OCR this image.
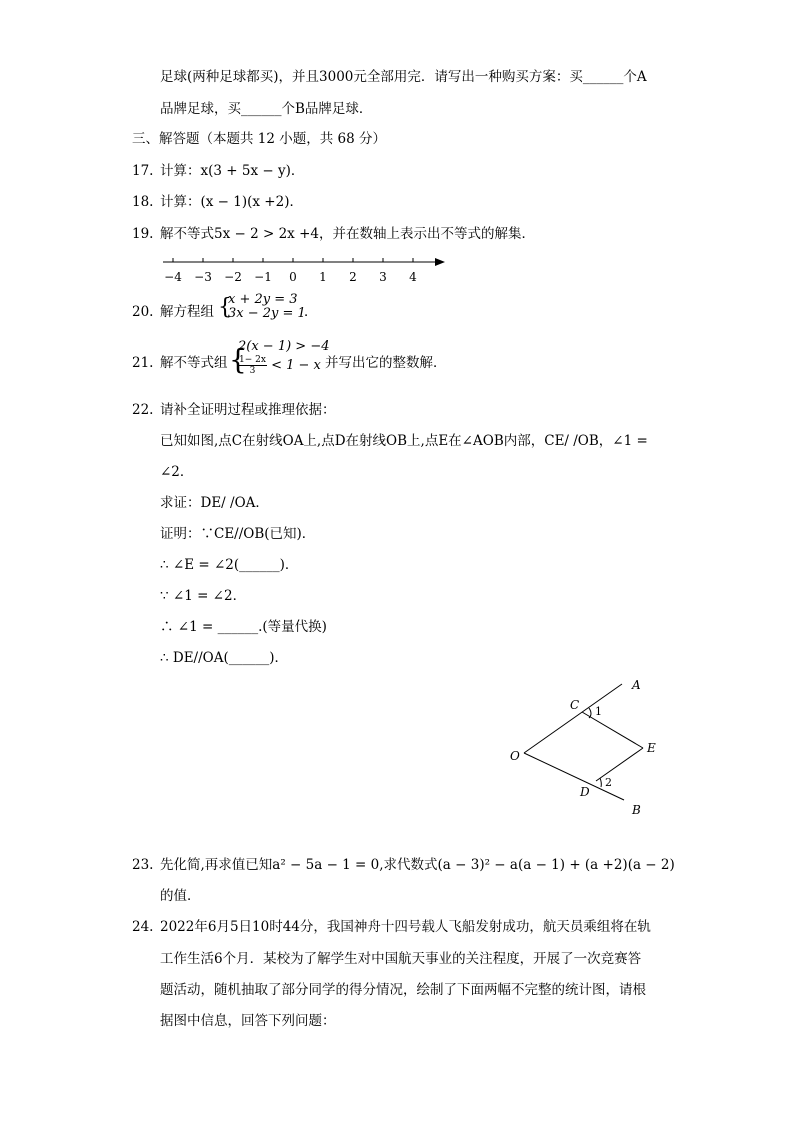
足球(两种足球都买)，并且3000元全部用完．请写出一种购买方案：买______个A
品牌足球，买______个B品牌足球．
三、解答题（本题共 12 小题，共 68 分）
17. 计算：x(3 + 5x − y)．
18. 计算：(x − 1)(x +2)．
19. 解不等式5x − 2 > 2x +4，并在数轴上表示出不等式的解集．
−4 −3 −2 −1 0 1 2 3 4
20. 解方程组 {
x + 2y = 3
3x − 2y = 1
．
21. 解不等式组 {
2(x − 1) > −4
$\frac{1- 2x}{3} < 1 - x$ 并写出它的整数解．
22. 请补全证明过程或推理依据：
已知如图,点C在射线OA上,点D在射线OB上,点E在∠AOB内部，CE/ /OB，∠1 =
∠2．
求证：DE/ /OA．
证明：∵CE//OB(已知)．
∴ ∠E = ∠2(______)．
∵ ∠1 = ∠2．
∴ ∠1 = ______.(等量代换)
∴ DE//OA(______)．
A
C 1
E
O
2
D
B
23. 先化简,再求值已知a² − 5a − 1 = 0,求代数式(a − 3)² − a(a − 1) + (a +2)(a − 2)
的值．
24. 2022年6月5日10时44分，我国神舟十四号载人飞船发射成功，航天员乘组将在轨
工作生活6个月．某校为了解学生对中国航天事业的关注程度，开展了一次竞赛答
题活动，随机抽取了部分同学的得分情况，绘制了下面两幅不完整的统计图，请根
据图中信息，回答下列问题：
